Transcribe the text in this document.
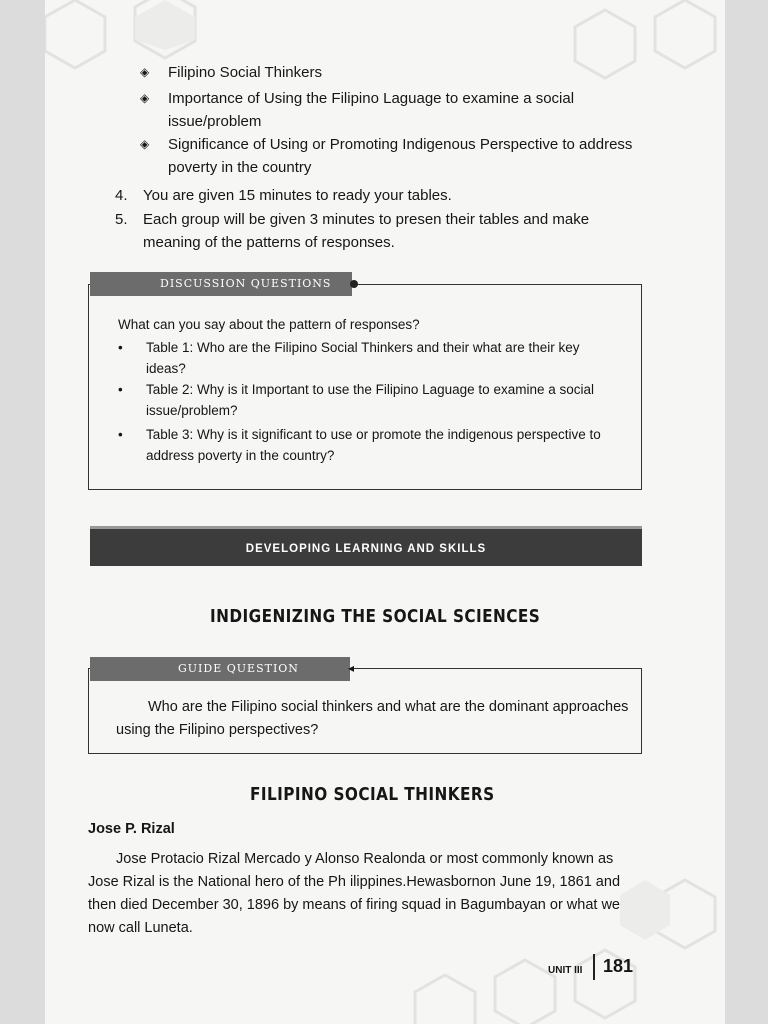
◈	Filipino Social Thinkers
◈	Importance of Using the Filipino Laguage to examine a social issue/problem
◈	Significance of Using or Promoting Indigenous Perspective to address poverty in the country
4.	You are given 15 minutes to ready your tables.
5.	Each group will be given 3 minutes to presen their tables and make meaning of the patterns of responses.
DISCUSSION QUESTIONS
What can you say about the pattern of responses?
• Table 1: Who are the Filipino Social Thinkers and their what are their key ideas?
• Table 2: Why is it Important to use the Filipino Laguage to examine a social issue/problem?
• Table 3: Why is it significant to use or promote the indigenous perspective to address poverty in the country?
DEVELOPING LEARNING AND SKILLS
INDIGENIZING THE SOCIAL SCIENCES
GUIDE QUESTION	◂
Who are the Filipino social thinkers and what are the dominant approaches using the Filipino perspectives?
FILIPINO SOCIAL THINKERS
Jose P. Rizal
Jose Protacio Rizal Mercado y Alonso Realonda or most commonly known as Jose Rizal is the National hero of the Ph ilippines.Hewasbornon June 19, 1861 and then died December 30, 1896 by means of firing squad in Bagumbayan or what we now call Luneta.
UNIT III 181
